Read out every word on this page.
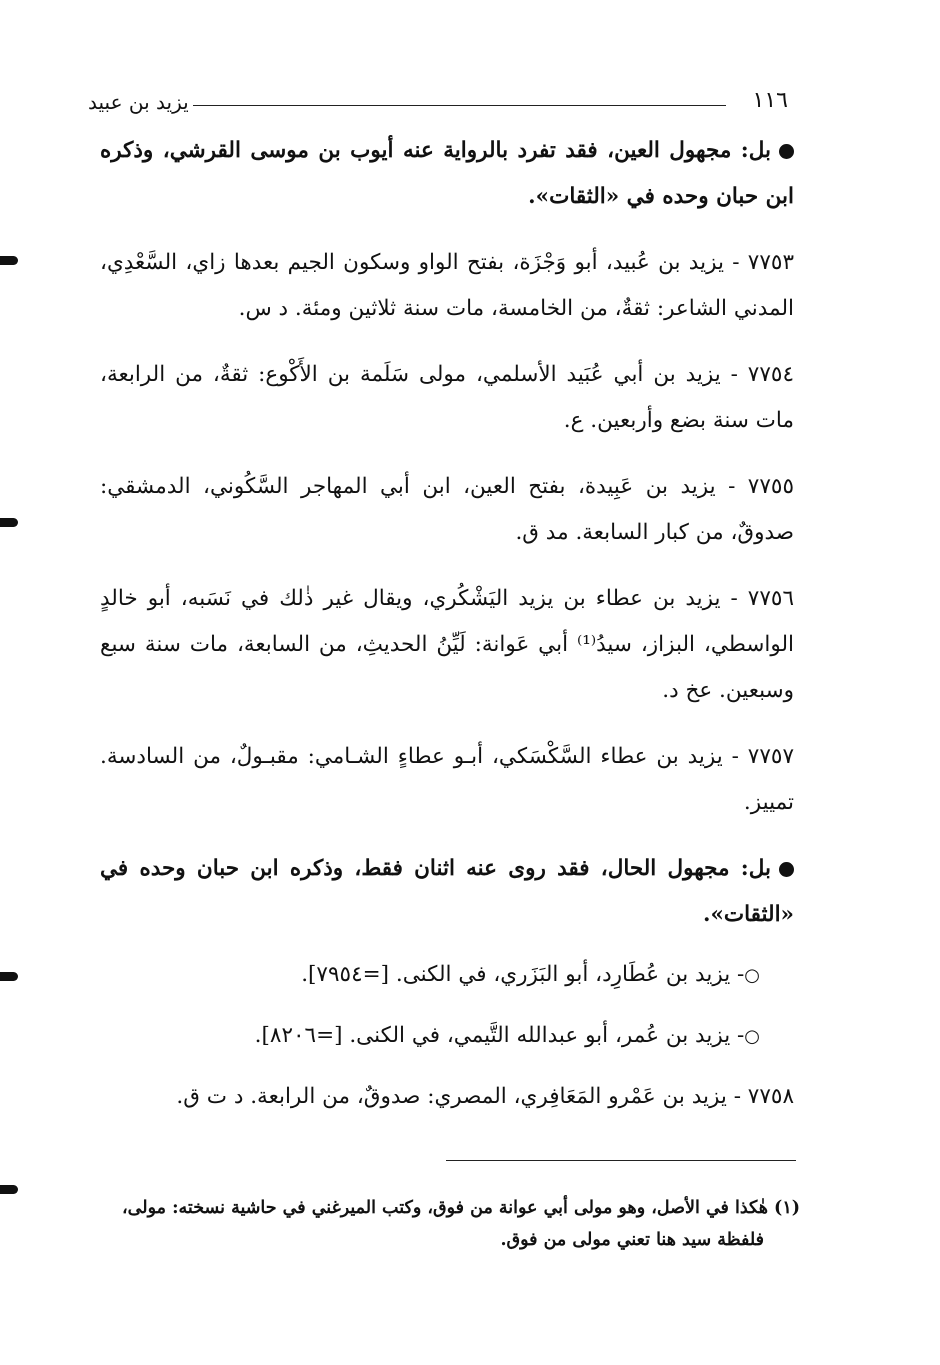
١١٦
يزيد بن عبيد

بل: مجهول العين، فقد تفرد بالرواية عنه أيوب بن موسى القرشي، وذكره ابن حبان وحده في «الثقات».

٧٧٥٣ - يزيد بن عُبيد، أبو وَجْزَة، بفتح الواو وسكون الجيم بعدها زاي، السَّعْدِي، المدني الشاعر: ثقةٌ، من الخامسة، مات سنة ثلاثين ومئة. د س.

٧٧٥٤ - يزيد بن أبي عُبَيد الأسلمي، مولى سَلَمة بن الأَكْوع: ثقةٌ، من الرابعة، مات سنة بضع وأربعين. ع.

٧٧٥٥ - يزيد بن عَبِيدة، بفتح العين، ابن أبي المهاجر السَّكُوني، الدمشقي: صدوقٌ، من كبار السابعة. مد ق.

٧٧٥٦ - يزيد بن عطاء بن يزيد اليَشْكُري، ويقال غير ذٰلك في نَسَبه، أبو خالدٍ الواسطي، البزاز، سيدُ⁽¹⁾ أبي عَوانة: لَيِّنُ الحديثِ، من السابعة، مات سنة سبع وسبعين. عخ د.

٧٧٥٧ - يزيد بن عطاء السَّكْسَكي، أبـو عطاءٍ الشـامي: مقبـولٌ، من السادسة. تمييز.

بل: مجهول الحال، فقد روى عنه اثنان فقط، وذكره ابن حبان وحده في «الثقات».

○- يزيد بن عُطَارِد، أبو البَزَري، في الكنى. [=٧٩٥٤].

○- يزيد بن عُمر، أبو عبدالله التَّيمي، في الكنى. [=٨٢٠٦].

٧٧٥٨ - يزيد بن عَمْرو المَعَافِري، المصري: صدوقٌ، من الرابعة. د ت ق.

(١) هٰكذا في الأصل، وهو مولى أبي عوانة من فوق، وكتب الميرغني في حاشية نسخته: مولى،
فلفظة سيد هنا تعني مولى من فوق.
